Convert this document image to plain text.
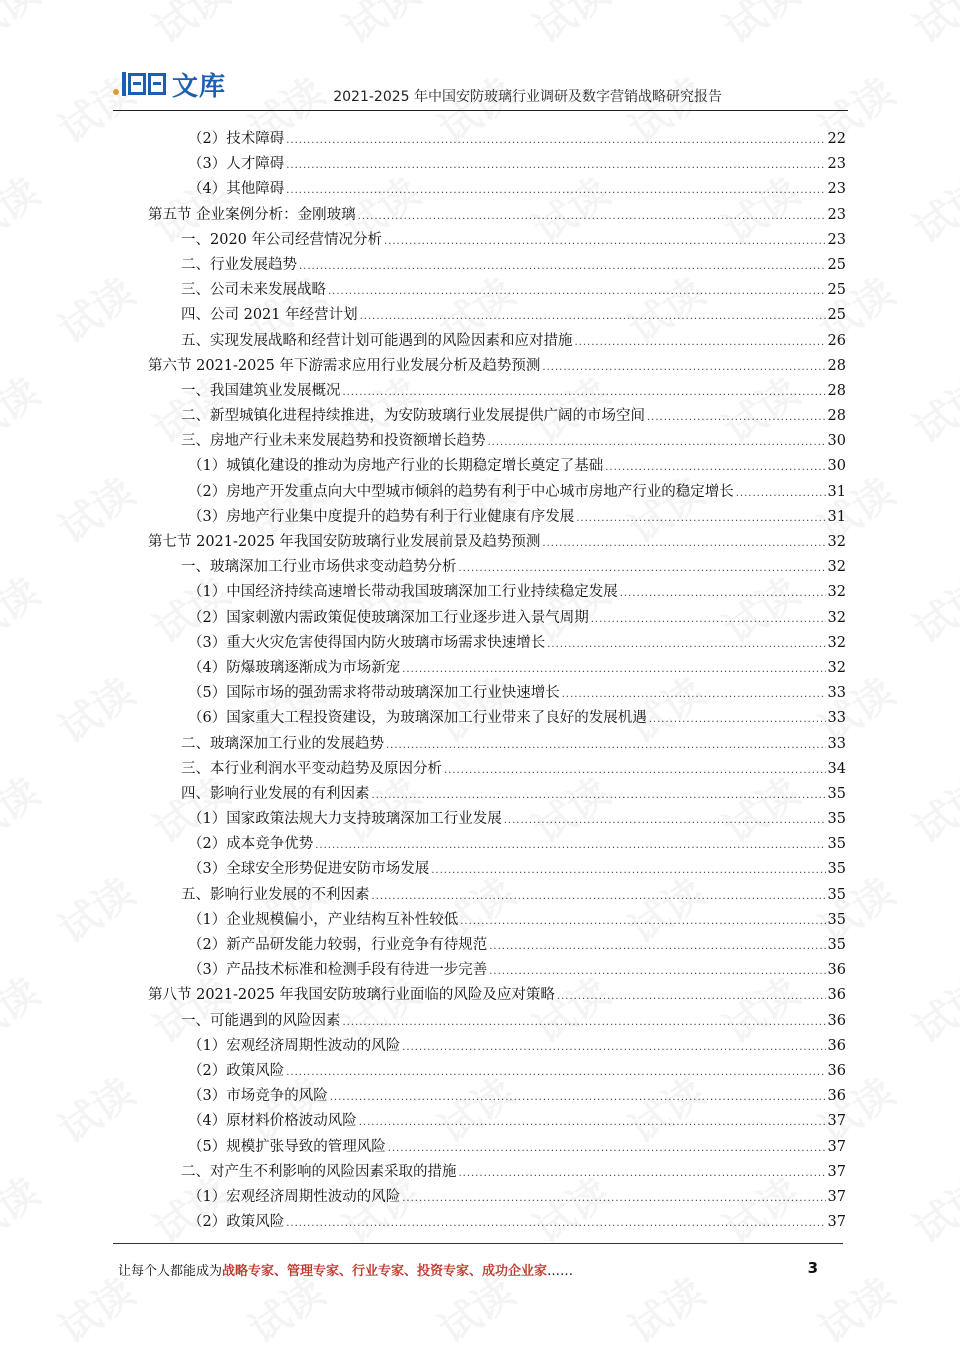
文库	2021-2025 年中国安防玻璃行业调研及数字营销战略研究报告
（2）技术障碍 .....	22
（3）人才障碍 .....	23
（4）其他障碍 .....	23
第五节 企业案例分析：金刚玻璃 .....	23
一、2020 年公司经营情况分析 .....	23
二、行业发展趋势 .....	25
三、公司未来发展战略 .....	25
四、公司 2021 年经营计划 .....	25
五、实现发展战略和经营计划可能遇到的风险因素和应对措施 .....	26
第六节 2021-2025 年下游需求应用行业发展分析及趋势预测 .....	28
一、我国建筑业发展概况 .....	28
二、新型城镇化进程持续推进，为安防玻璃行业发展提供广阔的市场空间 .....	28
三、房地产行业未来发展趋势和投资额增长趋势 .....	30
（1）城镇化建设的推动为房地产行业的长期稳定增长奠定了基础 .....	30
（2）房地产开发重点向大中型城市倾斜的趋势有利于中心城市房地产行业的稳定增长 .....	31
（3）房地产行业集中度提升的趋势有利于行业健康有序发展 .....	31
第七节 2021-2025 年我国安防玻璃行业发展前景及趋势预测 .....	32
一、玻璃深加工行业市场供求变动趋势分析 .....	32
（1）中国经济持续高速增长带动我国玻璃深加工行业持续稳定发展 .....	32
（2）国家刺激内需政策促使玻璃深加工行业逐步进入景气周期 .....	32
（3）重大火灾危害使得国内防火玻璃市场需求快速增长 .....	32
（4）防爆玻璃逐渐成为市场新宠 .....	32
（5）国际市场的强劲需求将带动玻璃深加工行业快速增长 .....	33
（6）国家重大工程投资建设，为玻璃深加工行业带来了良好的发展机遇 .....	33
二、玻璃深加工行业的发展趋势 .....	33
三、本行业利润水平变动趋势及原因分析 .....	34
四、影响行业发展的有利因素 .....	35
（1）国家政策法规大力支持玻璃深加工行业发展 .....	35
（2）成本竞争优势 .....	35
（3）全球安全形势促进安防市场发展 .....	35
五、影响行业发展的不利因素 .....	35
（1）企业规模偏小，产业结构互补性较低 .....	35
（2）新产品研发能力较弱，行业竞争有待规范 .....	35
（3）产品技术标准和检测手段有待进一步完善 .....	36
第八节 2021-2025 年我国安防玻璃行业面临的风险及应对策略 .....	36
一、可能遇到的风险因素 .....	36
（1）宏观经济周期性波动的风险 .....	36
（2）政策风险 .....	36
（3）市场竞争的风险 .....	36
（4）原材料价格波动风险 .....	37
（5）规模扩张导致的管理风险 .....	37
二、对产生不利影响的风险因素采取的措施 .....	37
（1）宏观经济周期性波动的风险 .....	37
（2）政策风险 .....	37
让每个人都能成为战略专家、管理专家、行业专家、投资专家、成功企业家……	3
